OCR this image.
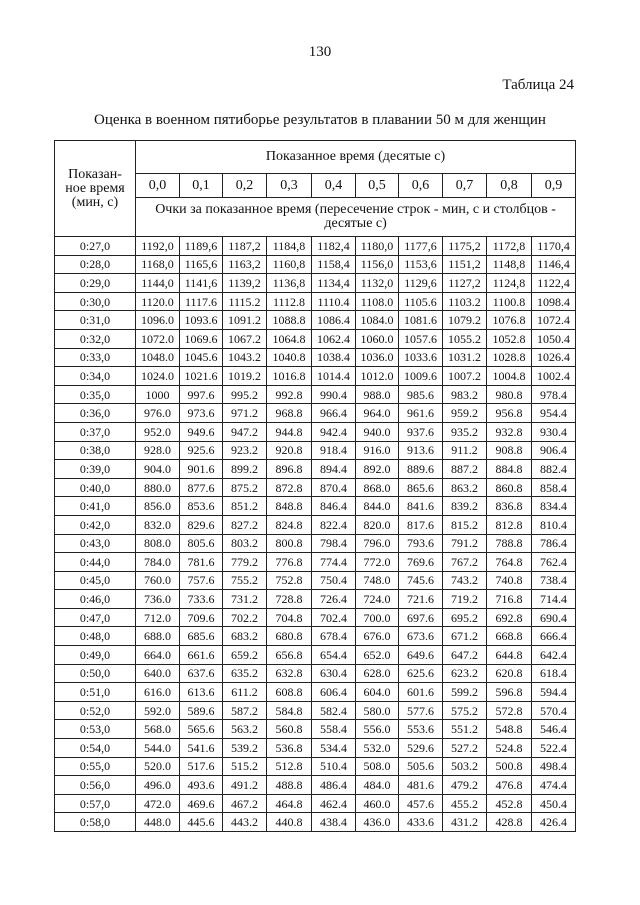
130
Таблица 24
Оценка в военном пятиборье результатов в плавании 50 м для женщин
Показан-
ное время
(мин, с)	Показанное время (десятые с)									
	0,0	0,1	0,2	0,3	0,4	0,5	0,6	0,7	0,8	0,9
	Очки за показанное время (пересечение строк - мин, с и столбцов - десятые с)									
0:27,0	1192,0	1189,6	1187,2	1184,8	1182,4	1180,0	1177,6	1175,2	1172,8	1170,4
0:28,0	1168,0	1165,6	1163,2	1160,8	1158,4	1156,0	1153,6	1151,2	1148,8	1146,4
0:29,0	1144,0	1141,6	1139,2	1136,8	1134,4	1132,0	1129,6	1127,2	1124,8	1122,4
0:30,0	1120.0	1117.6	1115.2	1112.8	1110.4	1108.0	1105.6	1103.2	1100.8	1098.4
0:31,0	1096.0	1093.6	1091.2	1088.8	1086.4	1084.0	1081.6	1079.2	1076.8	1072.4
0:32,0	1072.0	1069.6	1067.2	1064.8	1062.4	1060.0	1057.6	1055.2	1052.8	1050.4
0:33,0	1048.0	1045.6	1043.2	1040.8	1038.4	1036.0	1033.6	1031.2	1028.8	1026.4
0:34,0	1024.0	1021.6	1019.2	1016.8	1014.4	1012.0	1009.6	1007.2	1004.8	1002.4
0:35,0	1000	997.6	995.2	992.8	990.4	988.0	985.6	983.2	980.8	978.4
0:36,0	976.0	973.6	971.2	968.8	966.4	964.0	961.6	959.2	956.8	954.4
0:37,0	952.0	949.6	947.2	944.8	942.4	940.0	937.6	935.2	932.8	930.4
0:38,0	928.0	925.6	923.2	920.8	918.4	916.0	913.6	911.2	908.8	906.4
0:39,0	904.0	901.6	899.2	896.8	894.4	892.0	889.6	887.2	884.8	882.4
0:40,0	880.0	877.6	875.2	872.8	870.4	868.0	865.6	863.2	860.8	858.4
0:41,0	856.0	853.6	851.2	848.8	846.4	844.0	841.6	839.2	836.8	834.4
0:42,0	832.0	829.6	827.2	824.8	822.4	820.0	817.6	815.2	812.8	810.4
0:43,0	808.0	805.6	803.2	800.8	798.4	796.0	793.6	791.2	788.8	786.4
0:44,0	784.0	781.6	779.2	776.8	774.4	772.0	769.6	767.2	764.8	762.4
0:45,0	760.0	757.6	755.2	752.8	750.4	748.0	745.6	743.2	740.8	738.4
0:46,0	736.0	733.6	731.2	728.8	726.4	724.0	721.6	719.2	716.8	714.4
0:47,0	712.0	709.6	702.2	704.8	702.4	700.0	697.6	695.2	692.8	690.4
0:48,0	688.0	685.6	683.2	680.8	678.4	676.0	673.6	671.2	668.8	666.4
0:49,0	664.0	661.6	659.2	656.8	654.4	652.0	649.6	647.2	644.8	642.4
0:50,0	640.0	637.6	635.2	632.8	630.4	628.0	625.6	623.2	620.8	618.4
0:51,0	616.0	613.6	611.2	608.8	606.4	604.0	601.6	599.2	596.8	594.4
0:52,0	592.0	589.6	587.2	584.8	582.4	580.0	577.6	575.2	572.8	570.4
0:53,0	568.0	565.6	563.2	560.8	558.4	556.0	553.6	551.2	548.8	546.4
0:54,0	544.0	541.6	539.2	536.8	534.4	532.0	529.6	527.2	524.8	522.4
0:55,0	520.0	517.6	515.2	512.8	510.4	508.0	505.6	503.2	500.8	498.4
0:56,0	496.0	493.6	491.2	488.8	486.4	484.0	481.6	479.2	476.8	474.4
0:57,0	472.0	469.6	467.2	464.8	462.4	460.0	457.6	455.2	452.8	450.4
0:58,0	448.0	445.6	443.2	440.8	438.4	436.0	433.6	431.2	428.8	426.4
